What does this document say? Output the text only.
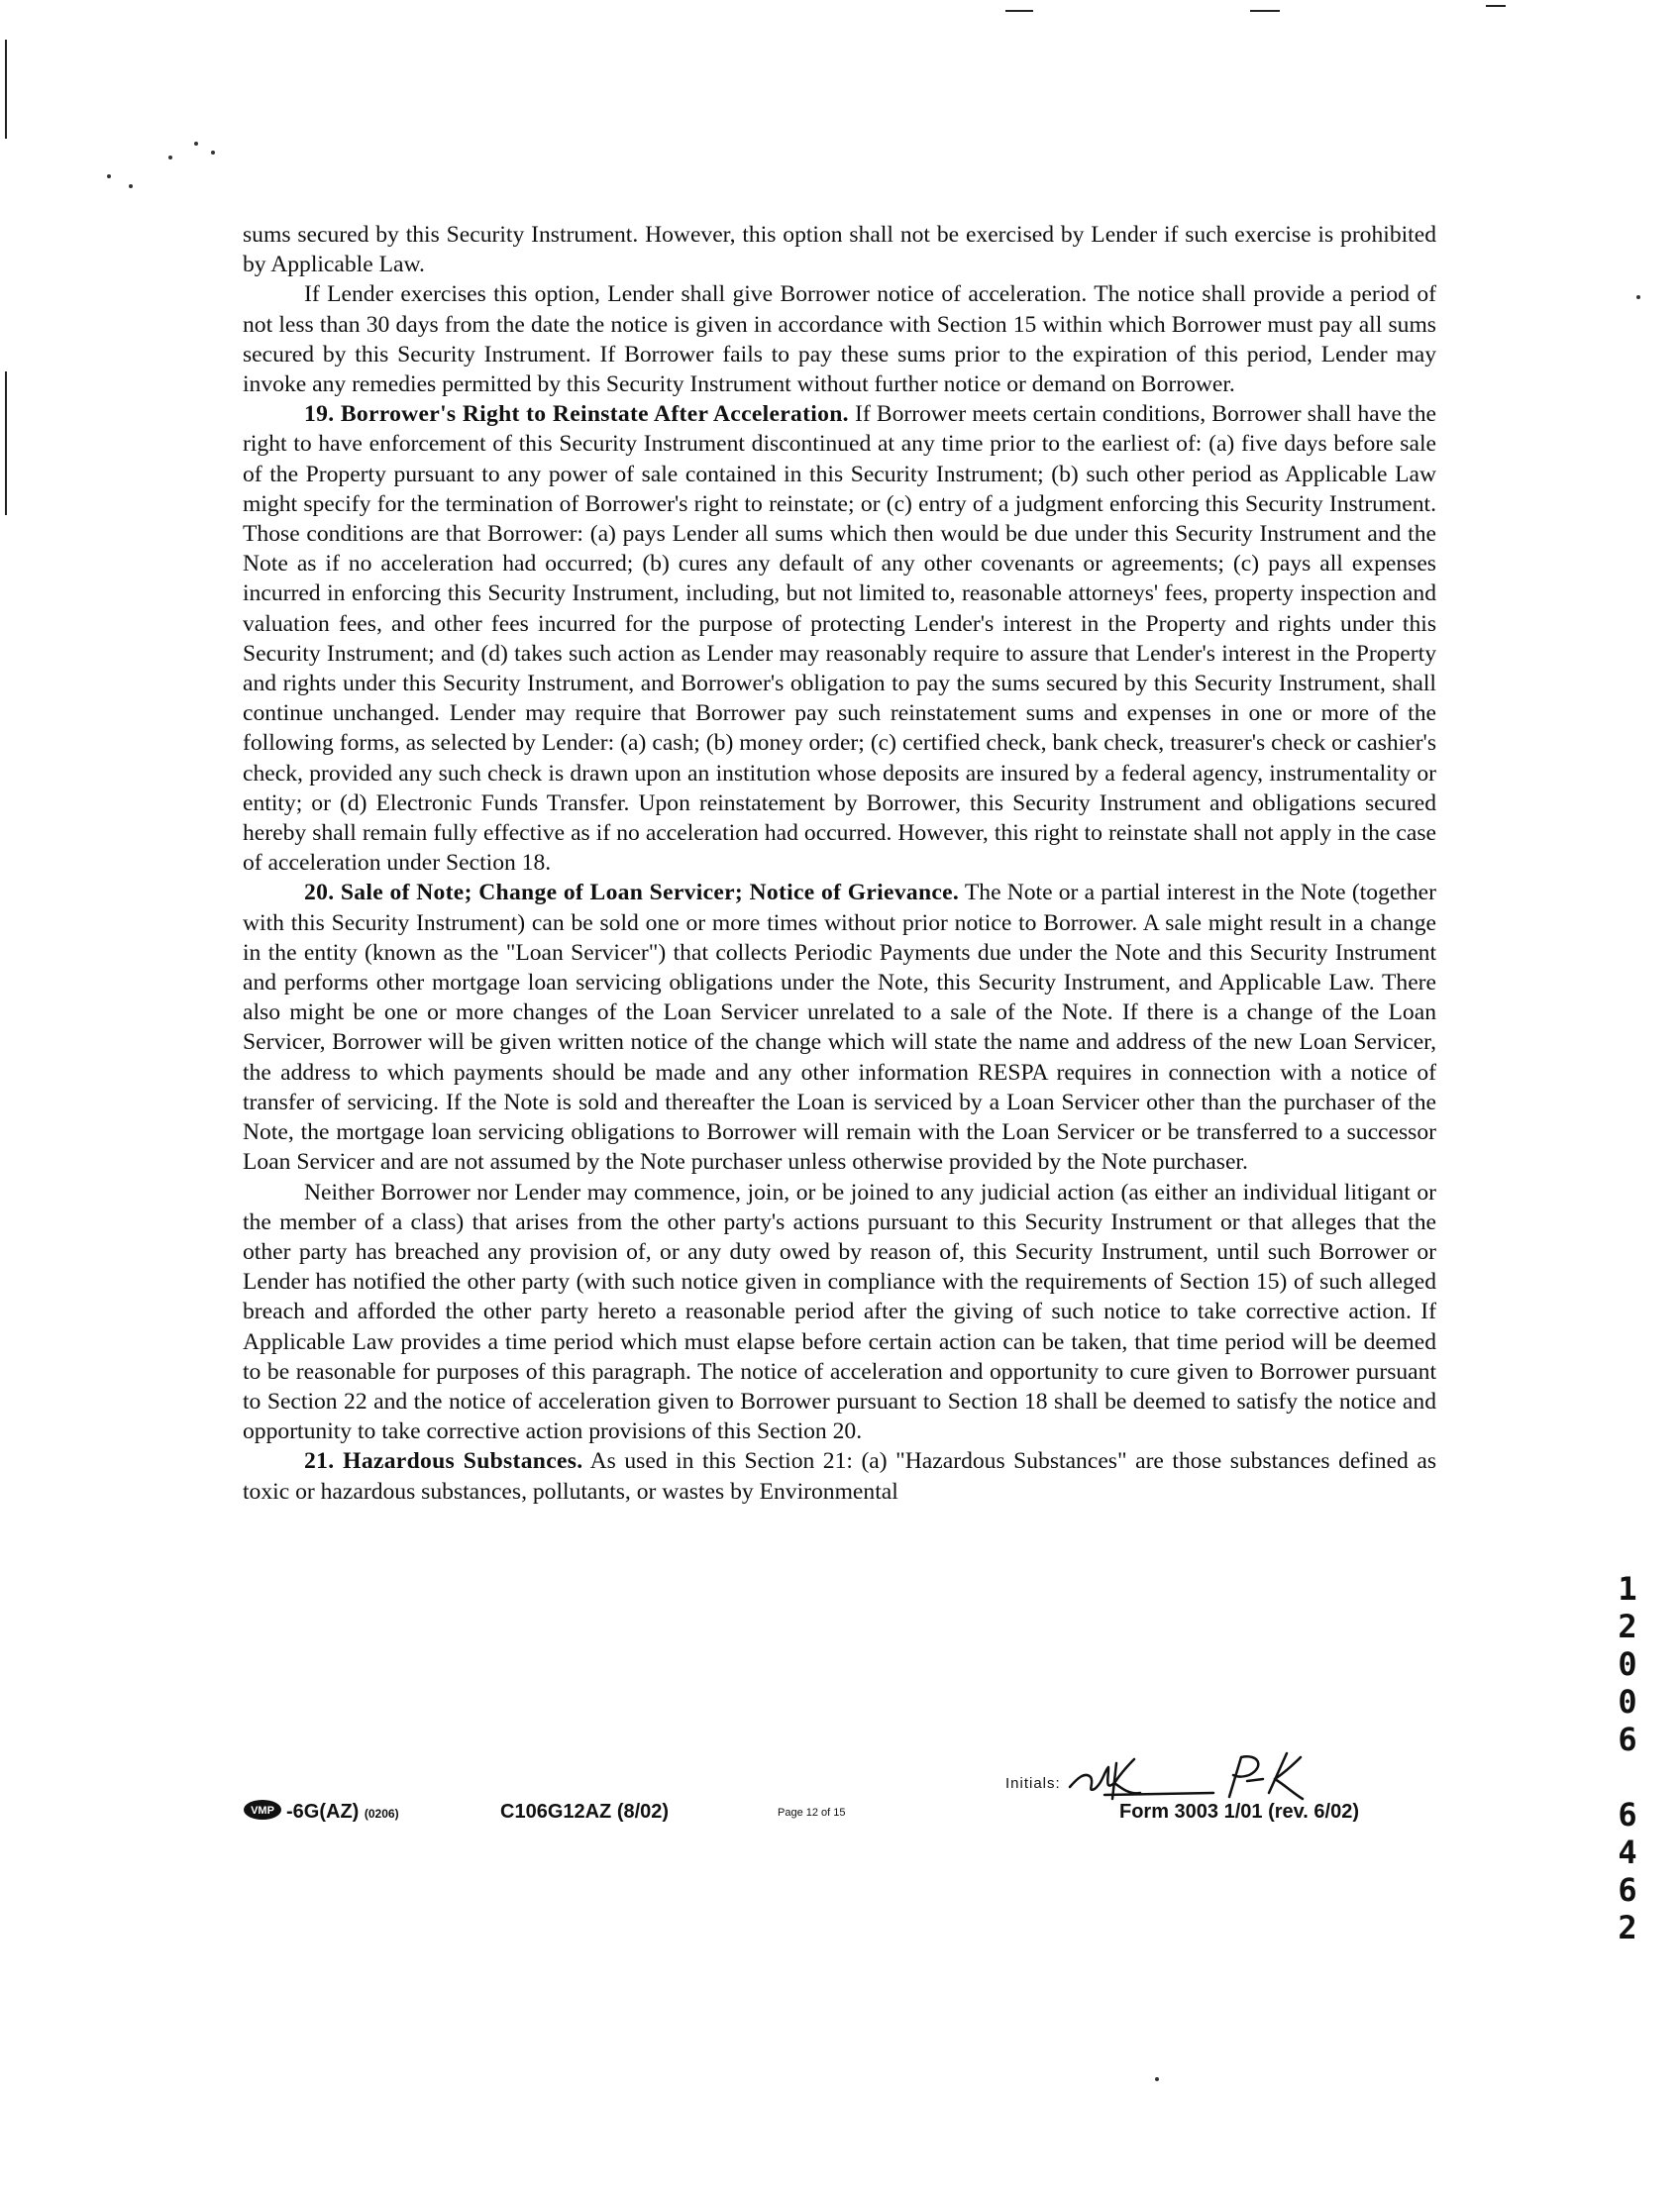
sums secured by this Security Instrument. However, this option shall not be exercised by Lender if such exercise is prohibited by Applicable Law.

If Lender exercises this option, Lender shall give Borrower notice of acceleration. The notice shall provide a period of not less than 30 days from the date the notice is given in accordance with Section 15 within which Borrower must pay all sums secured by this Security Instrument. If Borrower fails to pay these sums prior to the expiration of this period, Lender may invoke any remedies permitted by this Security Instrument without further notice or demand on Borrower.

19. Borrower's Right to Reinstate After Acceleration. If Borrower meets certain conditions, Borrower shall have the right to have enforcement of this Security Instrument discontinued at any time prior to the earliest of: (a) five days before sale of the Property pursuant to any power of sale contained in this Security Instrument; (b) such other period as Applicable Law might specify for the termination of Borrower's right to reinstate; or (c) entry of a judgment enforcing this Security Instrument. Those conditions are that Borrower: (a) pays Lender all sums which then would be due under this Security Instrument and the Note as if no acceleration had occurred; (b) cures any default of any other covenants or agreements; (c) pays all expenses incurred in enforcing this Security Instrument, including, but not limited to, reasonable attorneys' fees, property inspection and valuation fees, and other fees incurred for the purpose of protecting Lender's interest in the Property and rights under this Security Instrument; and (d) takes such action as Lender may reasonably require to assure that Lender's interest in the Property and rights under this Security Instrument, and Borrower's obligation to pay the sums secured by this Security Instrument, shall continue unchanged. Lender may require that Borrower pay such reinstatement sums and expenses in one or more of the following forms, as selected by Lender: (a) cash; (b) money order; (c) certified check, bank check, treasurer's check or cashier's check, provided any such check is drawn upon an institution whose deposits are insured by a federal agency, instrumentality or entity; or (d) Electronic Funds Transfer. Upon reinstatement by Borrower, this Security Instrument and obligations secured hereby shall remain fully effective as if no acceleration had occurred. However, this right to reinstate shall not apply in the case of acceleration under Section 18.

20. Sale of Note; Change of Loan Servicer; Notice of Grievance. The Note or a partial interest in the Note (together with this Security Instrument) can be sold one or more times without prior notice to Borrower. A sale might result in a change in the entity (known as the "Loan Servicer") that collects Periodic Payments due under the Note and this Security Instrument and performs other mortgage loan servicing obligations under the Note, this Security Instrument, and Applicable Law. There also might be one or more changes of the Loan Servicer unrelated to a sale of the Note. If there is a change of the Loan Servicer, Borrower will be given written notice of the change which will state the name and address of the new Loan Servicer, the address to which payments should be made and any other information RESPA requires in connection with a notice of transfer of servicing. If the Note is sold and thereafter the Loan is serviced by a Loan Servicer other than the purchaser of the Note, the mortgage loan servicing obligations to Borrower will remain with the Loan Servicer or be transferred to a successor Loan Servicer and are not assumed by the Note purchaser unless otherwise provided by the Note purchaser.

Neither Borrower nor Lender may commence, join, or be joined to any judicial action (as either an individual litigant or the member of a class) that arises from the other party's actions pursuant to this Security Instrument or that alleges that the other party has breached any provision of, or any duty owed by reason of, this Security Instrument, until such Borrower or Lender has notified the other party (with such notice given in compliance with the requirements of Section 15) of such alleged breach and afforded the other party hereto a reasonable period after the giving of such notice to take corrective action. If Applicable Law provides a time period which must elapse before certain action can be taken, that time period will be deemed to be reasonable for purposes of this paragraph. The notice of acceleration and opportunity to cure given to Borrower pursuant to Section 22 and the notice of acceleration given to Borrower pursuant to Section 18 shall be deemed to satisfy the notice and opportunity to take corrective action provisions of this Section 20.

21. Hazardous Substances. As used in this Section 21: (a) "Hazardous Substances" are those substances defined as toxic or hazardous substances, pollutants, or wastes by Environmental

1
2
0
0
6
6
4
6
2
Initials:
VMP -6G(AZ) (0206)	C106G12AZ (8/02)	Page 12 of 15	Form 3003 1/01 (rev. 6/02)
